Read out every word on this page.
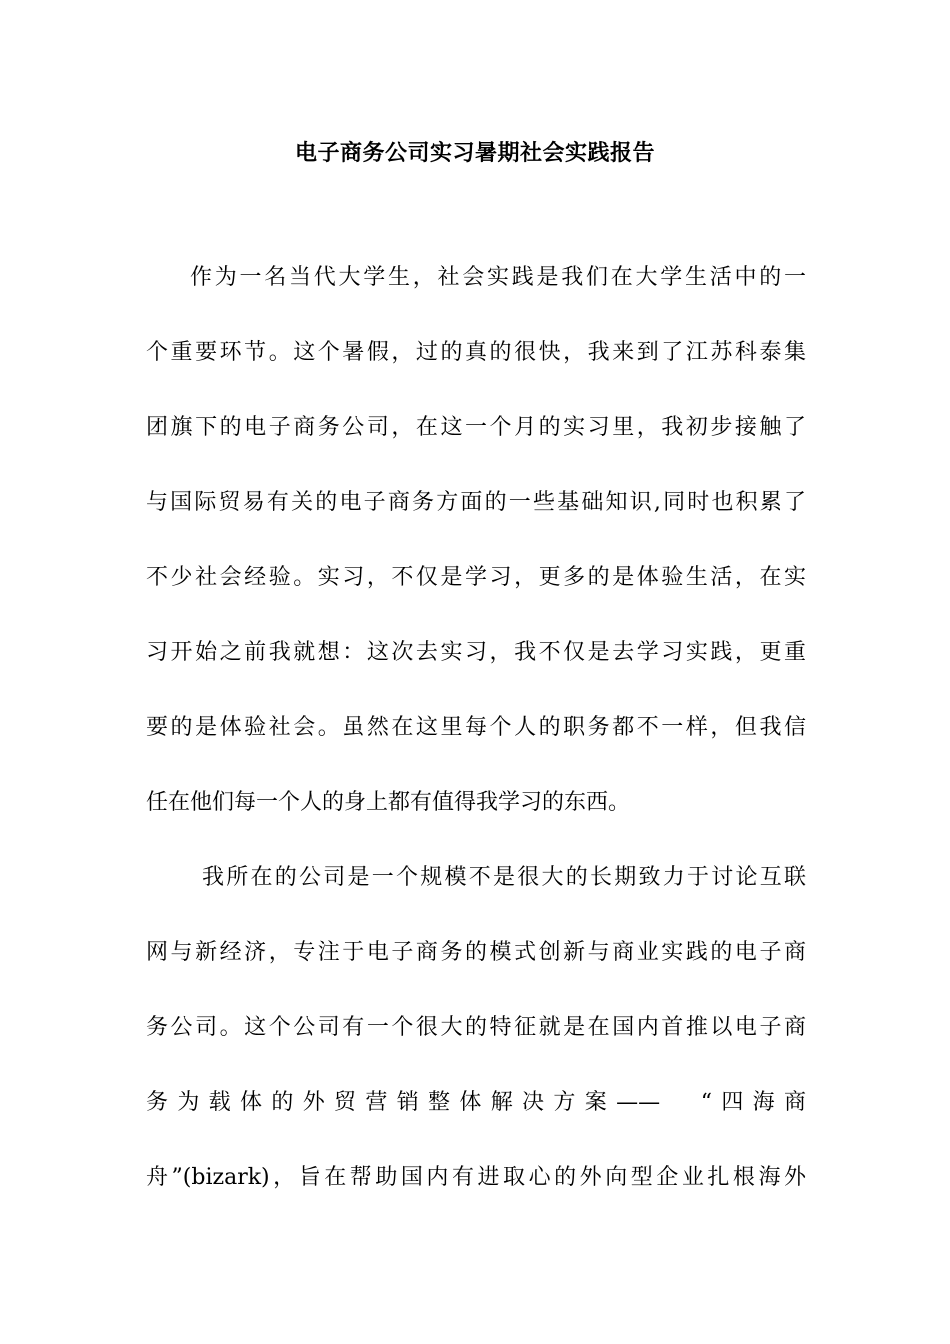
电子商务公司实习暑期社会实践报告
作为一名当代大学生，社会实践是我们在大学生活中的一
个重要环节。这个暑假，过的真的很快，我来到了江苏科泰集
团旗下的电子商务公司，在这一个月的实习里，我初步接触了
与国际贸易有关的电子商务方面的一些基础知识,同时也积累了
不少社会经验。实习，不仅是学习，更多的是体验生活，在实
习开始之前我就想：这次去实习，我不仅是去学习实践，更重
要的是体验社会。虽然在这里每个人的职务都不一样，但我信
任在他们每一个人的身上都有值得我学习的东西。
我所在的公司是一个规模不是很大的长期致力于讨论互联
网与新经济，专注于电子商务的模式创新与商业实践的电子商
务公司。这个公司有一个很大的特征就是在国内首推以电子商
务为载体的外贸营销整体解决方案——　“四海商
舟”(bizark)，旨在帮助国内有进取心的外向型企业扎根海外
